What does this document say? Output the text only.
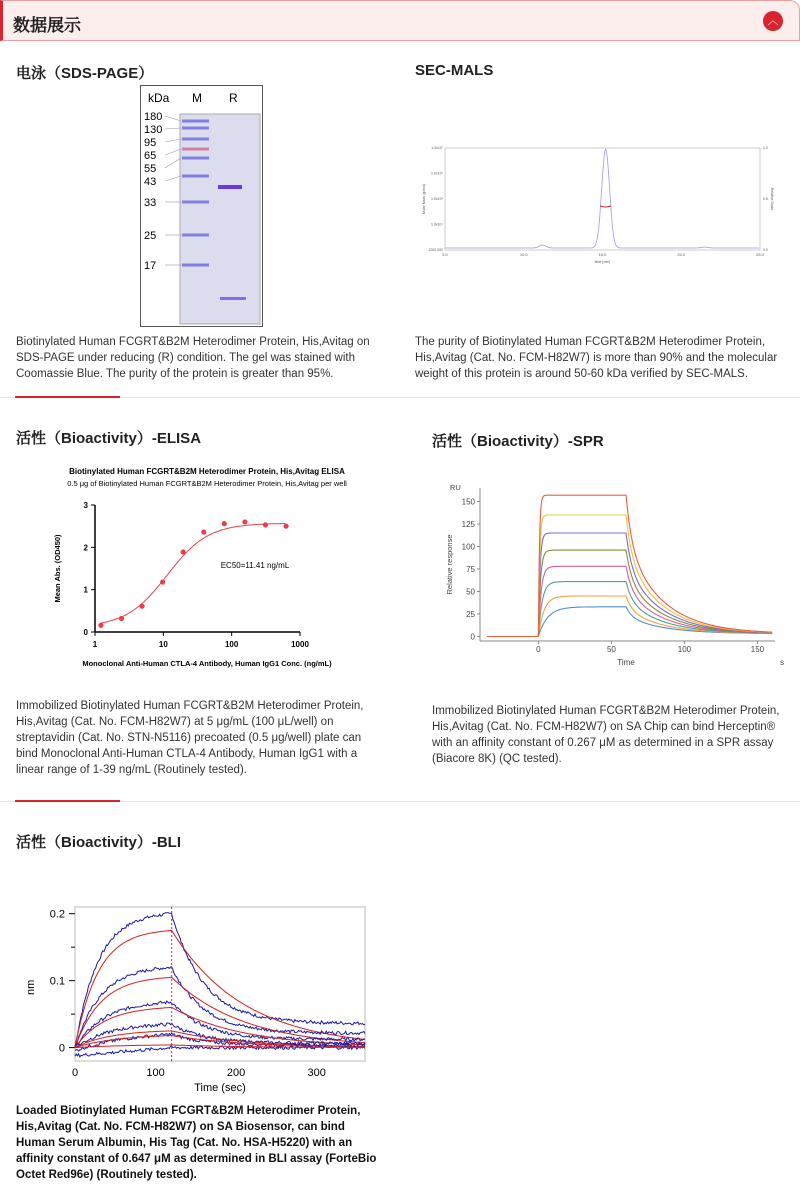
数据展示	︿
电泳（SDS-PAGE）	SEC-MALS
kDa M R
180
130
95
65
55
43
33
25
17
5.0	10.0	15.0	20.0	25.0
1000.000
1.0x10⁴
1.0x10⁵
1.0x10⁶
1.0x10⁷
0.0
0.5
1.0
time (min)
Molar Mass (g/mol)	Relative Scale
Biotinylated Human FCGRT&B2M Heterodimer Protein, His,Avitag on SDS-PAGE under reducing (R) condition. The gel was stained with Coomassie Blue. The purity of the protein is greater than 95%.
The purity of Biotinylated Human FCGRT&B2M Heterodimer Protein, His,Avitag (Cat. No. FCM-H82W7) is more than 90% and the molecular weight of this protein is around 50-60 kDa verified by SEC-MALS.
活性（Bioactivity）-ELISA	活性（Bioactivity）-SPR
Biotinylated Human FCGRT&B2M Heterodimer Protein, His,Avitag ELISA
0.5 μg of Biotinylated Human FCGRT&B2M Heterodimer Protein, His,Avitag per well
0
1
2
3
1	10	100	1000
Monoclonal Anti-Human CTLA-4 Antibody, Human IgG1 Conc. (ng/mL)
Mean Abs. (OD450)	EC50=11.41 ng/mL
RU
0
25
50
75
100
125
150
0	50	100	150
Time	s
Relative response
Immobilized Biotinylated Human FCGRT&B2M Heterodimer Protein, His,Avitag (Cat. No. FCM-H82W7) at 5 μg/mL (100 μL/well) on streptavidin (Cat. No. STN-N5116) precoated (0.5 μg/well) plate can bind Monoclonal Anti-Human CTLA-4 Antibody, Human IgG1 with a linear range of 1-39 ng/mL (Routinely tested).
Immobilized Biotinylated Human FCGRT&B2M Heterodimer Protein, His,Avitag (Cat. No. FCM-H82W7) on SA Chip can bind Herceptin® with an affinity constant of 0.267 μM as determined in a SPR assay (Biacore 8K) (QC tested).
活性（Bioactivity）-BLI
0
0.1
0.2
0	100	200	300
Time (sec)
nm
Loaded Biotinylated Human FCGRT&B2M Heterodimer Protein, His,Avitag (Cat. No. FCM-H82W7) on SA Biosensor, can bind Human Serum Albumin, His Tag (Cat. No. HSA-H5220) with an affinity constant of 0.647 μM as determined in BLI assay (ForteBio Octet Red96e) (Routinely tested).
